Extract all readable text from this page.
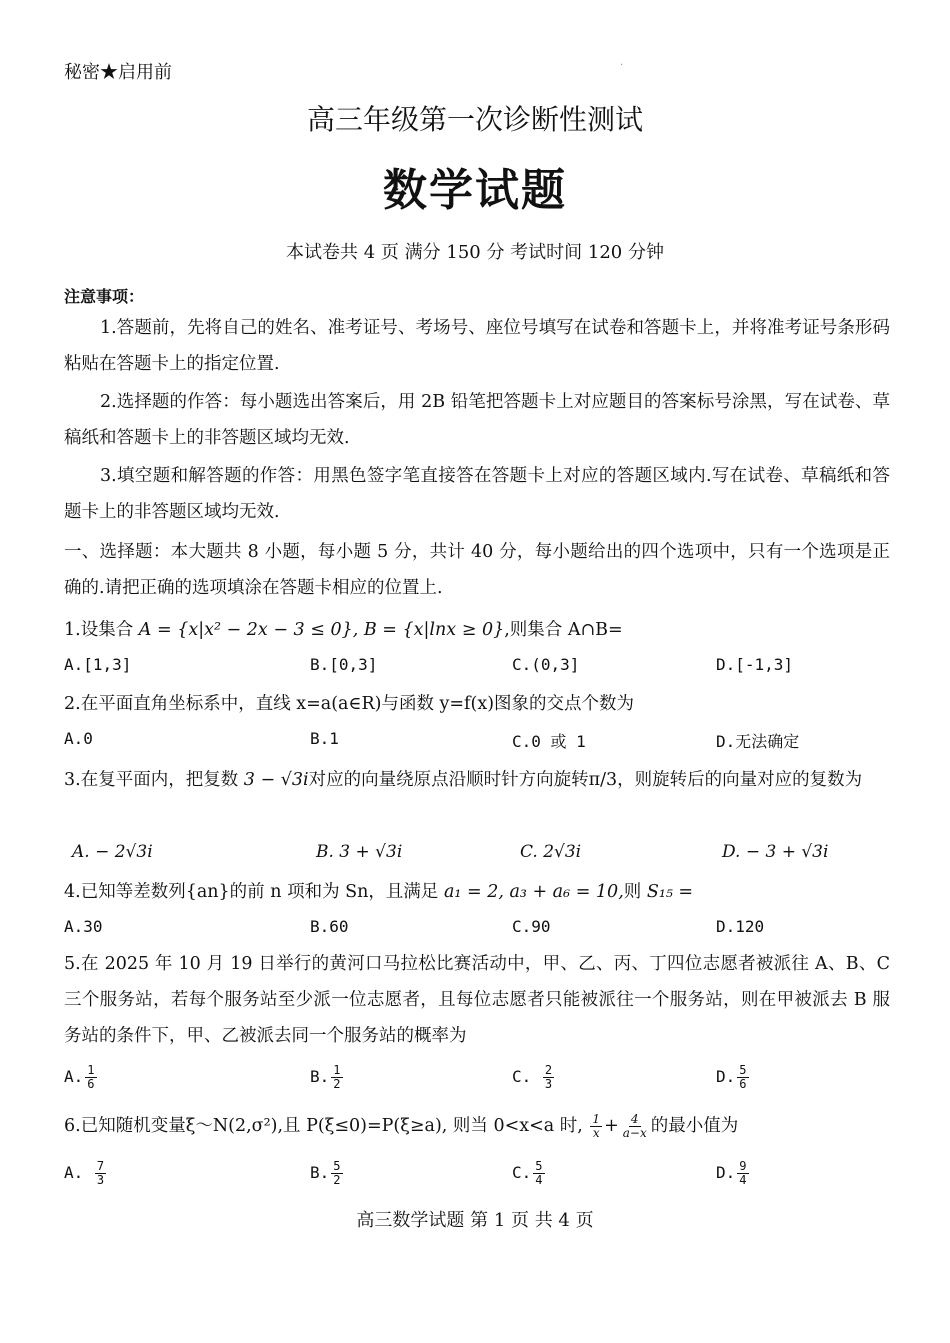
秘密★启用前	·
高三年级第一次诊断性测试
数学试题
本试卷共 4 页 满分 150 分 考试时间 120 分钟
注意事项：
1.答题前，先将自己的姓名、准考证号、考场号、座位号填写在试卷和答题卡上，并将准考证号条形码粘贴在答题卡上的指定位置.
2.选择题的作答：每小题选出答案后，用 2B 铅笔把答题卡上对应题目的答案标号涂黑，写在试卷、草稿纸和答题卡上的非答题区域均无效.
3.填空题和解答题的作答：用黑色签字笔直接答在答题卡上对应的答题区域内.写在试卷、草稿纸和答题卡上的非答题区域均无效.
一、选择题：本大题共 8 小题，每小题 5 分，共计 40 分，每小题给出的四个选项中，只有一个选项是正确的.请把正确的选项填涂在答题卡相应的位置上.
1.设集合 A = {x|x² − 2x − 3 ≤ 0}, B = {x|lnx ≥ 0},则集合 A∩B=
A.[1,3]	B.[0,3]	C.(0,3]	D.[-1,3]
2.在平面直角坐标系中，直线 x=a(a∈R)与函数 y=f(x)图象的交点个数为
A.0	B.1	C.0 或 1	D.无法确定
3.在复平面内，把复数 3 − √3i对应的向量绕原点沿顺时针方向旋转π/3，则旋转后的向量对应的复数为
A. − 2√3i	B. 3 + √3i	C. 2√3i	D. − 3 + √3i
4.已知等差数列{an}的前 n 项和为 Sn，且满足 a₁ = 2, a₃ + a₆ = 10,则 S₁₅ =
A.30	B.60	C.90	D.120
5.在 2025 年 10 月 19 日举行的黄河口马拉松比赛活动中，甲、乙、丙、丁四位志愿者被派往 A、B、C 三个服务站，若每个服务站至少派一位志愿者，且每位志愿者只能被派往一个服务站，则在甲被派去 B 服务站的条件下，甲、乙被派去同一个服务站的概率为
A. $\frac{1}{6}$	B. $\frac{1}{2}$	C. $\frac{2}{3}$	D. $\frac{5}{6}$
6.已知随机变量ξ～N(2,σ²),且 P(ξ≤0)=P(ξ≥a), 则当 0<x<a 时, $\frac{1}{x} + \frac{4}{a-x}$ 的最小值为
A. $\frac{7}{3}$	B. $\frac{5}{2}$	C. $\frac{5}{4}$	D. $\frac{9}{4}$
高三数学试题 第 1 页 共 4 页
